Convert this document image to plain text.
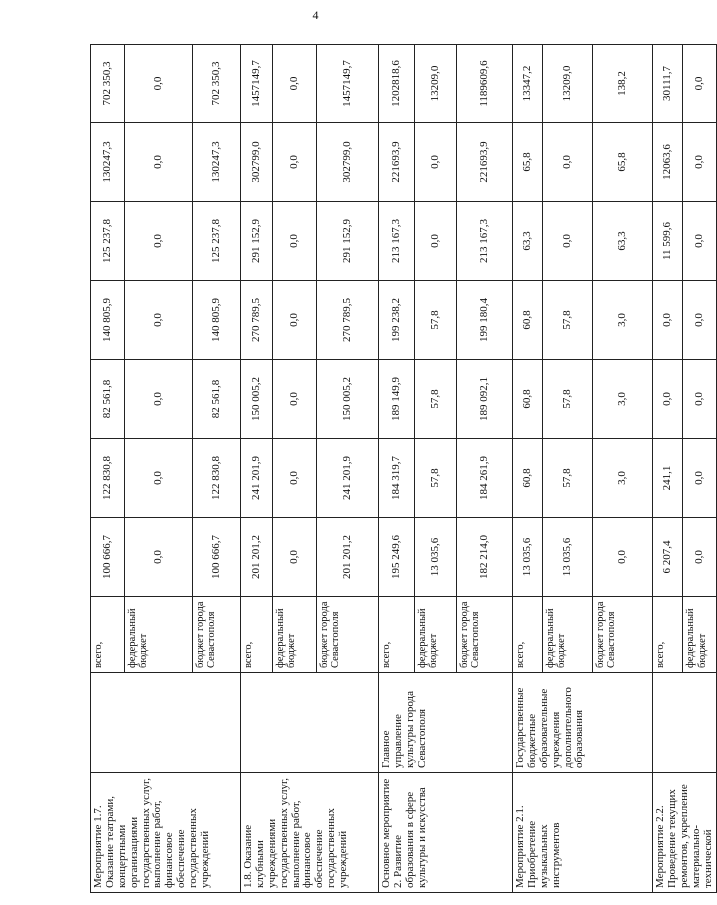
4
Мероприятие 1.7. Оказание театрами, концертными организациями государственных услуг, выполнение работ, финансовое обеспечение государственных учреждений		всего,	100 666,7	122 830,8	82 561,8	140 805,9	125 237,8	130247,3	702 350,3
		федеральный бюджет	0,0	0,0	0,0	0,0	0,0	0,0	0,0
		бюджет города Севастополя	100 666,7	122 830,8	82 561,8	140 805,9	125 237,8	130247,3	702 350,3
1.8. Оказание клубными учреждениями государственных услуг, выполнение работ, финансовое обеспечение государственных учреждений		всего,	201 201,2	241 201,9	150 005,2	270 789,5	291 152,9	302799,0	1457149,7
		федеральный бюджет	0,0	0,0	0,0	0,0	0,0	0,0	0,0
		бюджет города Севастополя	201 201,2	241 201,9	150 005,2	270 789,5	291 152,9	302799,0	1457149,7
Основное мероприятие 2. Развитие образования в сфере культуры и искусства	Главное управление культуры города Севастополя	всего,	195 249,6	184 319,7	189 149,9	199 238,2	213 167,3	221693,9	1202818,6
		федеральный бюджет	13 035,6	57,8	57,8	57,8	0,0	0,0	13209,0
		бюджет города Севастополя	182 214,0	184 261,9	189 092,1	199 180,4	213 167,3	221693,9	1189609,6
Мероприятие 2.1. Приобретение музыкальных инструментов	Государственные бюджетные образовательные учреждения дополнительного образования	всего,	13 035,6	60,8	60,8	60,8	63,3	65,8	13347,2
		федеральный бюджет	13 035,6	57,8	57,8	57,8	0,0	0,0	13209,0
		бюджет города Севастополя	0,0	3,0	3,0	3,0	63,3	65,8	138,2
Мероприятие 2.2. Проведение текущих ремонтов, укрепление материально-технической		всего,	6 207,4	241,1	0,0	0,0	11 599,6	12063,6	30111,7
		федеральный бюджет	0,0	0,0	0,0	0,0	0,0	0,0	0,0
